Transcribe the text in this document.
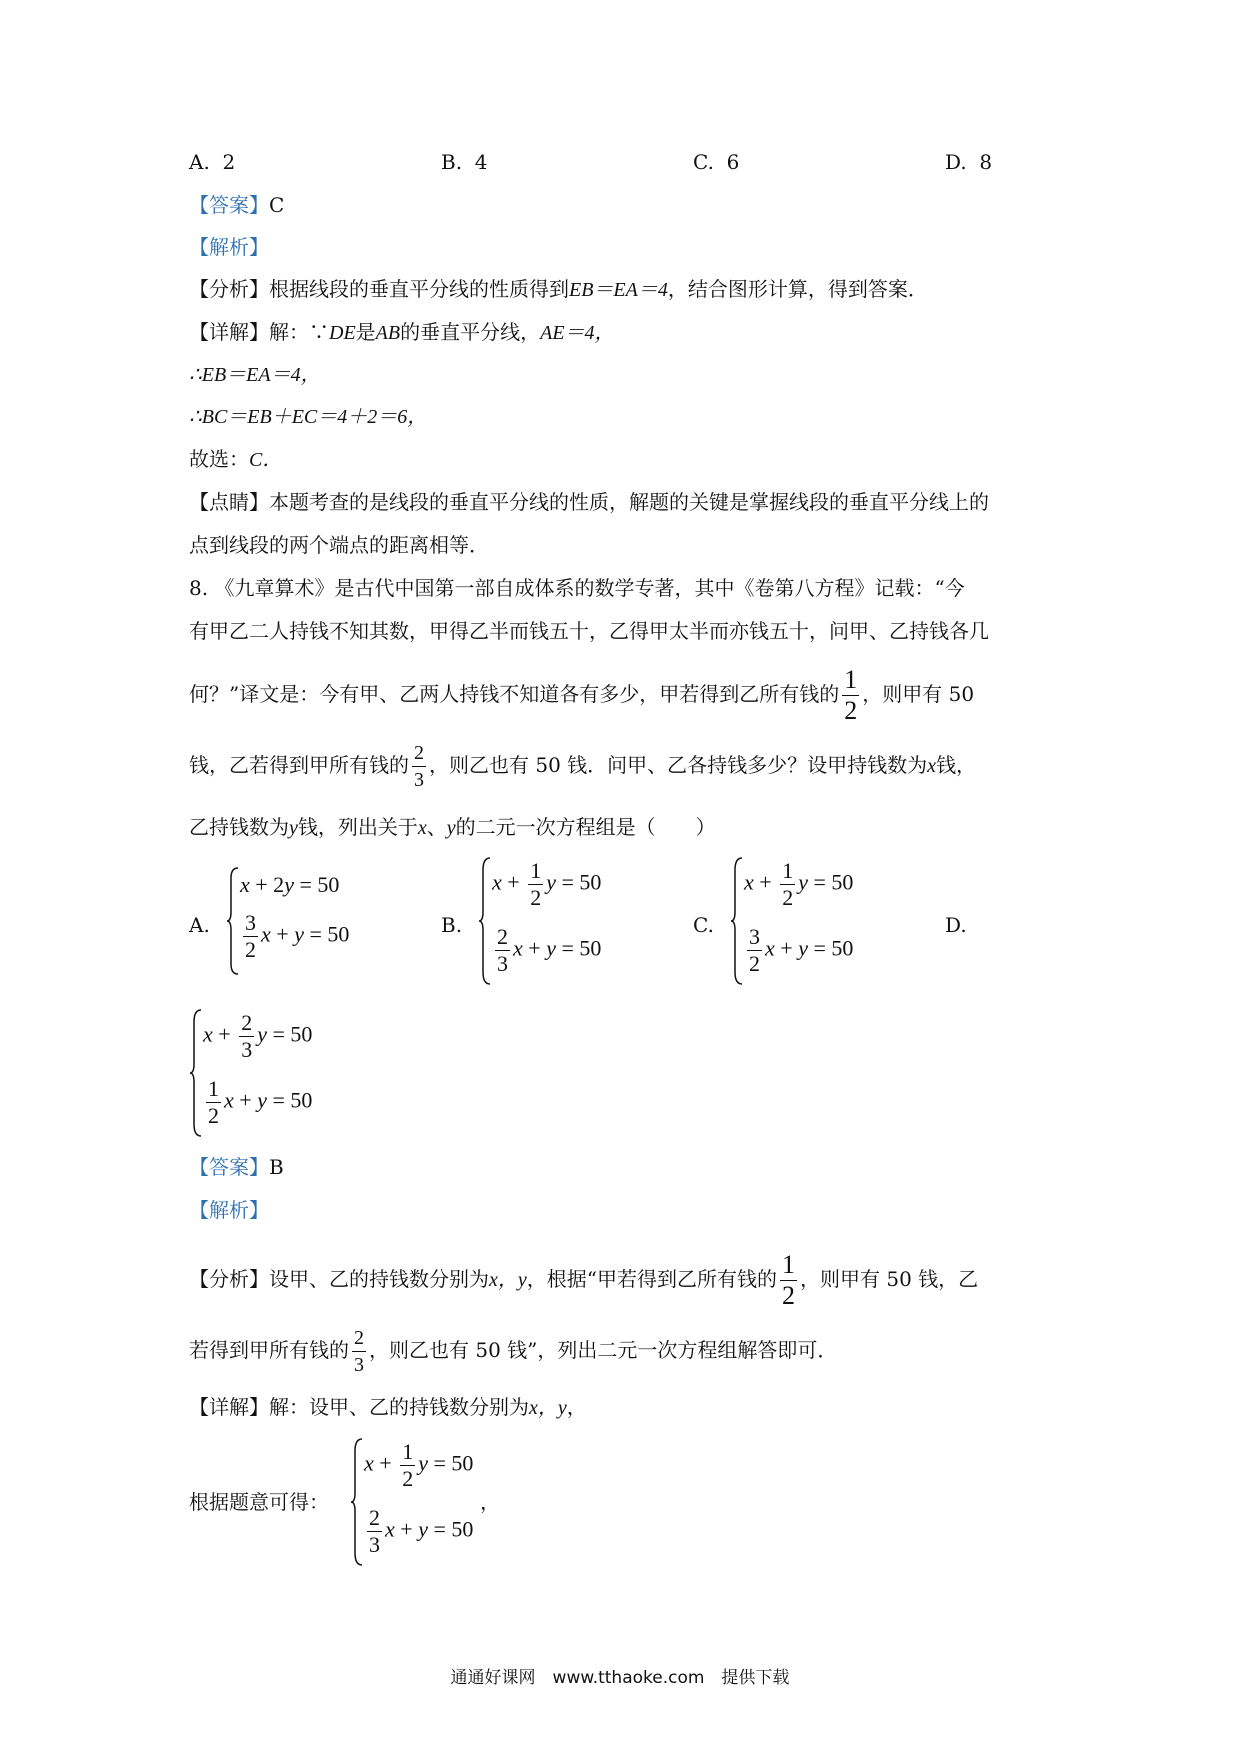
A. 2	B. 4	C. 6	D. 8
【答案】C
【解析】
【分析】根据线段的垂直平分线的性质得到EB＝EA＝4，结合图形计算，得到答案．
【详解】解：∵DE是AB的垂直平分线，AE＝4，
∴EB＝EA＝4，
∴BC＝EB＋EC＝4＋2＝6，
故选：C．
【点睛】本题考查的是线段的垂直平分线的性质，解题的关键是掌握线段的垂直平分线上的
点到线段的两个端点的距离相等．
8. 《九章算术》是古代中国第一部自成体系的数学专著，其中《卷第八方程》记载：“今
有甲乙二人持钱不知其数，甲得乙半而钱五十，乙得甲太半而亦钱五十，问甲、乙持钱各几
何？”译文是：今有甲、乙两人持钱不知道各有多少，甲若得到乙所有钱的 $\frac{1}{2}$ ，则甲有 50
钱，乙若得到甲所有钱的 $\frac{2}{3}$ ，则乙也有 50 钱．问甲、乙各持钱多少？设甲持钱数为x钱，
乙持钱数为y钱，列出关于x、y的二元一次方程组是（　　）
A.	B.	C.	D.
x + 2y = 50
$\frac{3}{2}$ x + y = 50
$x + \frac{1}{2}$ y = 50
$\frac{2}{3}$ x + y = 50
$x + \frac{1}{2}$ y = 50
$\frac{3}{2}$ x + y = 50
$x + \frac{2}{3}$ y = 50
$\frac{1}{2}$ x + y = 50
【答案】B
【解析】
【分析】设甲、乙的持钱数分别为x，y，根据“甲若得到乙所有钱的 $\frac{1}{2}$ ，则甲有 50 钱，乙
若得到甲所有钱的 $\frac{2}{3}$ ，则乙也有 50 钱”，列出二元一次方程组解答即可．
【详解】解：设甲、乙的持钱数分别为x，y，
根据题意可得：
$x + \frac{1}{2}$ y = 50
$\frac{2}{3}$ x + y = 50
，
通通好课网　www.tthaoke.com　提供下载
